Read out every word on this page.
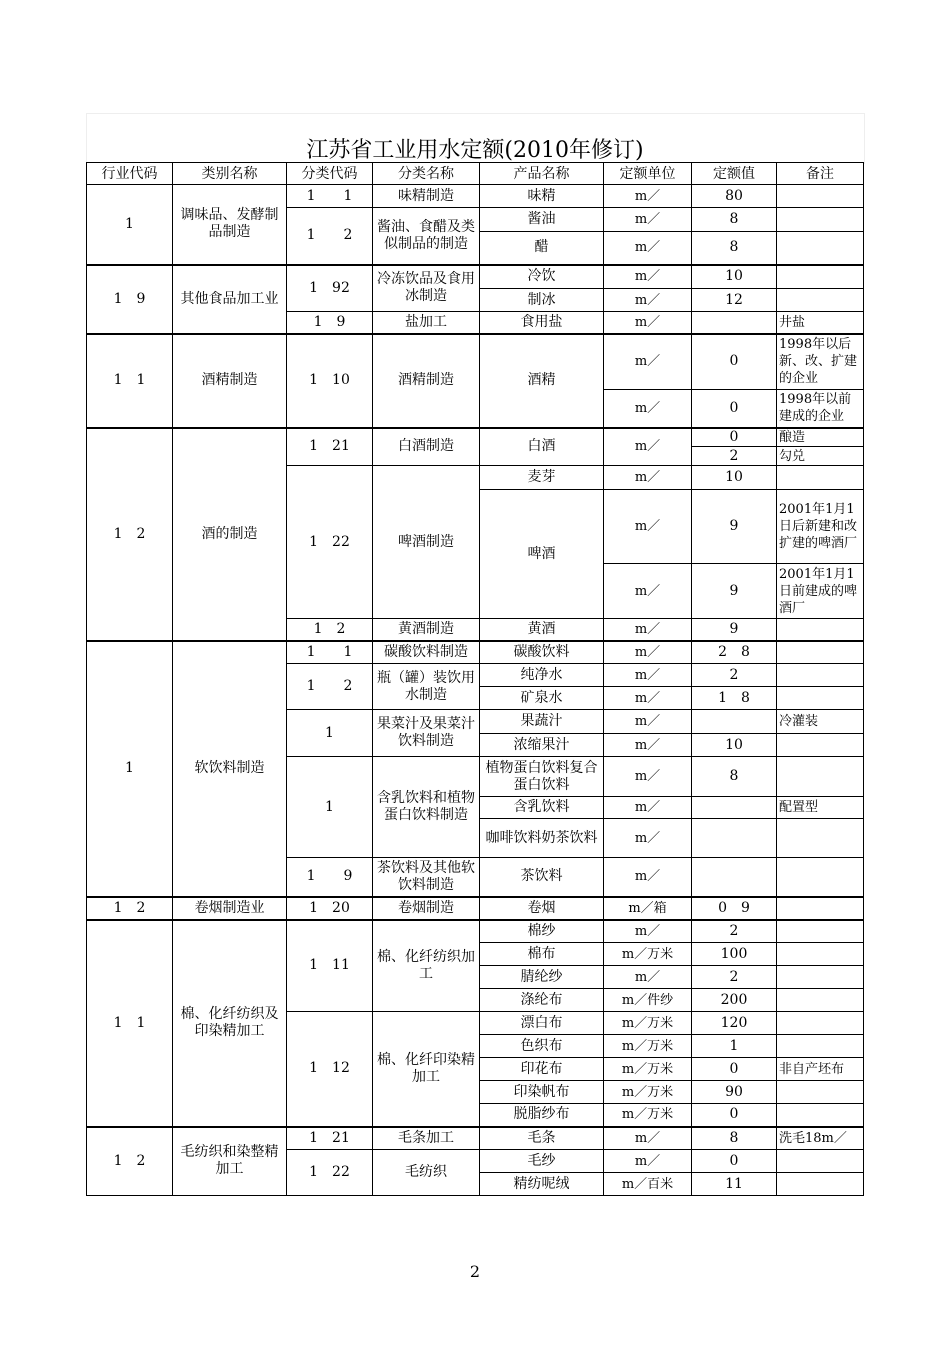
江苏省工业用水定额(2010年修订)
行业代码	类别名称	分类代码	分类名称	产品名称	定额单位	定额值	备注
1	调味品、发酵制品制造	1　　1	味精制造	味精	m／	80	
		1　　2	酱油、食醋及类似制品的制造	酱油	m／	8	
				醋	m／	8	
1　9	其他食品加工业	1　92	冷冻饮品及食用冰制造	冷饮	m／	10	
				制冰	m／	12	
		1　9	盐加工	食用盐	m／		井盐
1　1	酒精制造	1　10	酒精制造	酒精	m／	0	1998年以后新、改、扩建的企业
					m／	0	1998年以前建成的企业
1　2	酒的制造	1　21	白酒制造	白酒	m／	0	酿造
						2	勾兑
		1　22	啤酒制造	麦芽	m／	10	
				啤酒	m／	9	2001年1月1日后新建和改扩建的啤酒厂
					m／	9	2001年1月1日前建成的啤酒厂
		1　2	黄酒制造	黄酒	m／	9	

1	软饮料制造	1　　1	碳酸饮料制造	碳酸饮料	m／	2　8	
		1　　2	瓶（罐）装饮用水制造	纯净水	m／	2	
				矿泉水	m／	1　8	
		1	果菜汁及果菜汁饮料制造	果蔬汁	m／		冷灌装
				浓缩果汁	m／	10	
		1	含乳饮料和植物蛋白饮料制造	植物蛋白饮料复合蛋白饮料	m／	8	
				含乳饮料	m／		配置型
				咖啡饮料奶茶饮料	m／		
		1　　9	茶饮料及其他软饮料制造	茶饮料	m／		
1　2	卷烟制造业	1　20	卷烟制造	卷烟	m／箱	0　9	
1　1	棉、化纤纺织及印染精加工	1　11	棉、化纤纺织加工	棉纱	m／	2	
				棉布	m／万米	100	
				腈纶纱	m／	2	
				涤纶布	m／件纱	200	
		1　12	棉、化纤印染精加工	漂白布	m／万米	120	
				色织布	m／万米	1	
				印花布	m／万米	0	非自产坯布
				印染帆布	m／万米	90	
				脱脂纱布	m／万米	0	
1　2	毛纺织和染整精加工	1　21	毛条加工	毛条	m／	8	洗毛18m／
		1　22	毛纺织	毛纱	m／	0	
				精纺呢绒	m／百米	11	
2
